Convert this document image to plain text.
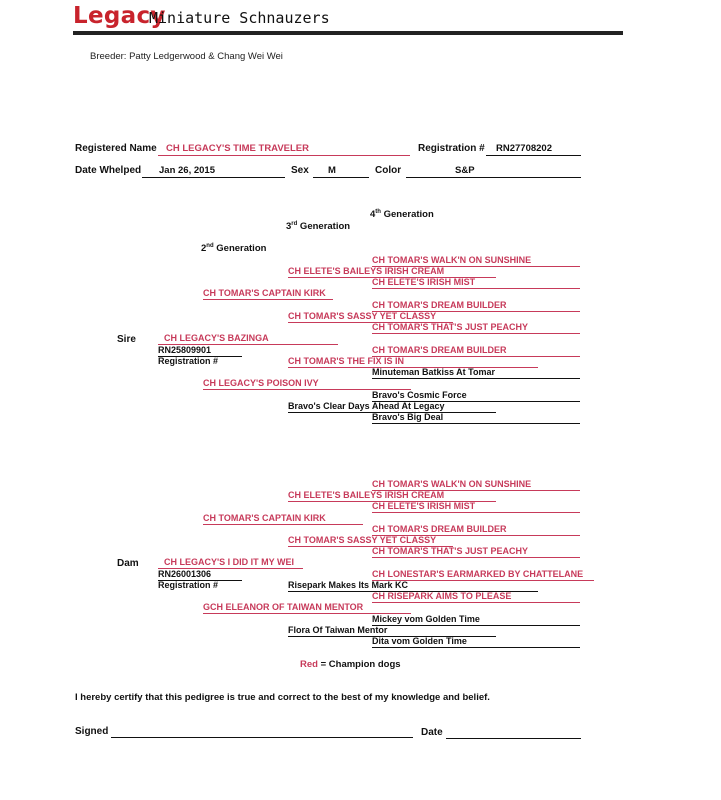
Legacy
Miniature Schnauzers
Breeder: Patty Ledgerwood & Chang Wei Wei
Registered Name CH LEGACY'S TIME TRAVELER	Registration #	RN27708202
Date Whelped	Jan 26, 2015	Sex	M	Color	S&P
4th Generation
3rd Generation
2nd Generation
CH TOMAR'S WALK'N ON SUNSHINE
CH ELETE'S BAILEYS IRISH CREAM
CH ELETE'S IRISH MIST
CH TOMAR'S CAPTAIN KIRK
CH TOMAR'S DREAM BUILDER
CH TOMAR'S SASSY YET CLASSY
CH TOMAR'S THAT'S JUST PEACHY
Sire	CH LEGACY'S BAZINGA
RN25809901
Registration #
CH TOMAR'S DREAM BUILDER
CH TOMAR'S THE FIX IS IN
Minuteman Batkiss At Tomar
CH LEGACY'S POISON IVY
Bravo's Cosmic Force
Bravo's Clear Days Ahead At Legacy
Bravo's Big Deal
CH TOMAR'S WALK'N ON SUNSHINE
CH ELETE'S BAILEYS IRISH CREAM
CH ELETE'S IRISH MIST
CH TOMAR'S CAPTAIN KIRK
CH TOMAR'S DREAM BUILDER
CH TOMAR'S SASSY YET CLASSY
CH TOMAR'S THAT'S JUST PEACHY
Dam	CH LEGACY'S I DID IT MY WEI
RN26001306
Registration #
CH LONESTAR'S EARMARKED BY CHATTELANE
Risepark Makes Its Mark KC
CH RISEPARK AIMS TO PLEASE
GCH ELEANOR OF TAIWAN MENTOR
Mickey vom Golden Time
Flora Of Taiwan Mentor
Dita vom Golden Time
Red = Champion dogs
I hereby certify that this pedigree is true and correct to the best of my knowledge and belief.
Signed	Date
